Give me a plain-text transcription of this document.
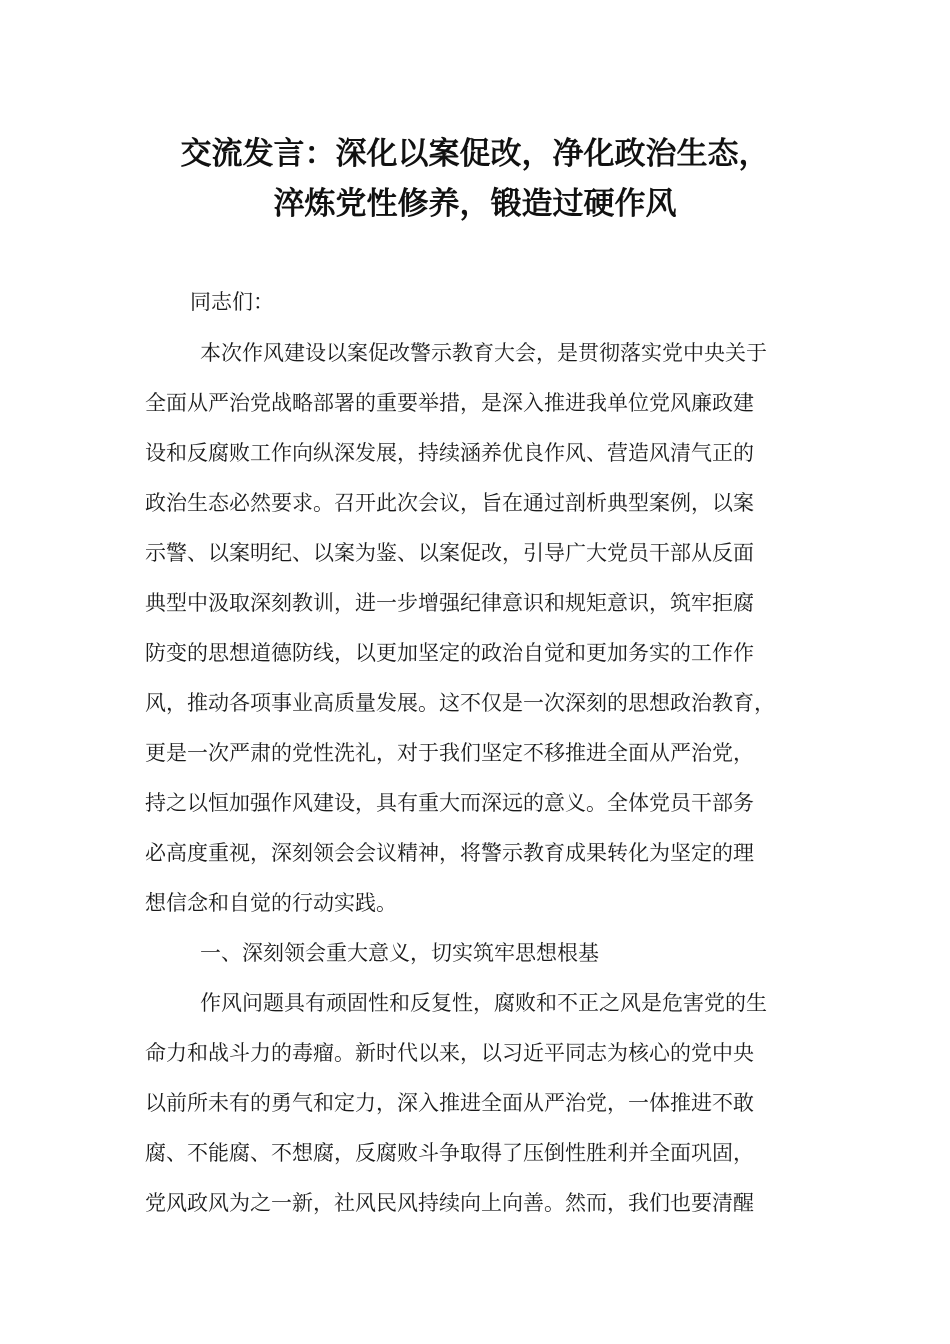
交流发言：深化以案促改，净化政治生态，
淬炼党性修养，锻造过硬作风
同志们：
本次作风建设以案促改警示教育大会，是贯彻落实党中央关于
全面从严治党战略部署的重要举措，是深入推进我单位党风廉政建
设和反腐败工作向纵深发展，持续涵养优良作风、营造风清气正的
政治生态必然要求。召开此次会议，旨在通过剖析典型案例，以案
示警、以案明纪、以案为鉴、以案促改，引导广大党员干部从反面
典型中汲取深刻教训，进一步增强纪律意识和规矩意识，筑牢拒腐
防变的思想道德防线，以更加坚定的政治自觉和更加务实的工作作
风，推动各项事业高质量发展。这不仅是一次深刻的思想政治教育，
更是一次严肃的党性洗礼，对于我们坚定不移推进全面从严治党，
持之以恒加强作风建设，具有重大而深远的意义。全体党员干部务
必高度重视，深刻领会会议精神，将警示教育成果转化为坚定的理
想信念和自觉的行动实践。
一、深刻领会重大意义，切实筑牢思想根基
作风问题具有顽固性和反复性，腐败和不正之风是危害党的生
命力和战斗力的毒瘤。新时代以来，以习近平同志为核心的党中央
以前所未有的勇气和定力，深入推进全面从严治党，一体推进不敢
腐、不能腐、不想腐，反腐败斗争取得了压倒性胜利并全面巩固，
党风政风为之一新，社风民风持续向上向善。然而，我们也要清醒
